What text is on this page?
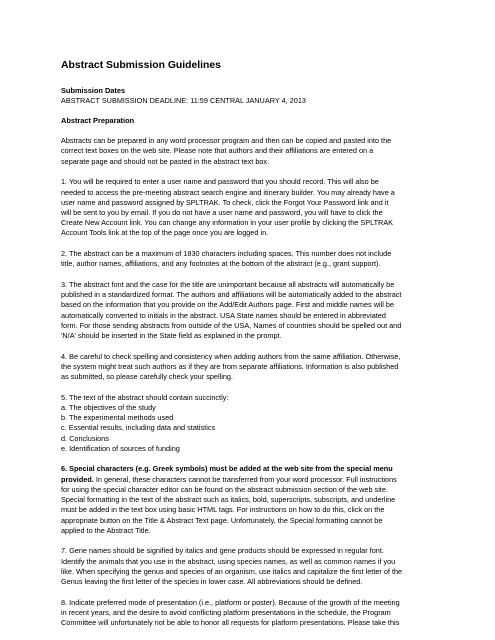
Abstract Submission Guidelines
Submission Dates
ABSTRACT SUBMISSION DEADLINE: 11:59 CENTRAL JANUARY 4, 2013
Abstract Preparation
Abstracts can be prepared in any word processor program and then can be copied and pasted into the
correct text boxes on the web site. Please note that authors and their affiliations are entered on a
separate page and should not be pasted in the abstract text box.
1. You will be required to enter a user name and password that you should record. This will also be
needed to access the pre-meeting abstract search engine and itinerary builder. You may already have a
user name and password assigned by SPLTRAK. To check, click the Forgot Your Password link and it
will be sent to you by email. If you do not have a user name and password, you will have to click the
Create New Account link. You can change any information in your user profile by clicking the SPLTRAK
Account Tools link at the top of the page once you are logged in.
2. The abstract can be a maximum of 1830 characters including spaces. This number does not include
title, author names, affiliations, and any footnotes at the bottom of the abstract (e.g., grant support).
3. The abstract font and the case for the title are unimportant because all abstracts will automatically be
published in a standardized format. The authors and affiliations will be automatically added to the abstract
based on the information that you provide on the Add/Edit Authors page. First and middle names will be
automatically converted to initials in the abstract. USA State names should be entered in abbreviated
form. For those sending abstracts from outside of the USA, Names of countries should be spelled out and
'N/A' should be inserted in the State field as explained in the prompt.
4. Be careful to check spelling and consistency when adding authors from the same affiliation. Otherwise,
the system might treat such authors as if they are from separate affiliations. Information is also published
as submitted, so please carefully check your spelling.
5. The text of the abstract should contain succinctly:
a. The objectives of the study
b. The experimental methods used
c. Essential results, including data and statistics
d. Conclusions
e. Identification of sources of funding
6. Special characters (e.g. Greek symbols) must be added at the web site from the special menu
provided. In general, these characters cannot be transferred from your word processor. Full instructions
for using the special character editor can be found on the abstract submission section of the web site.
Special formatting in the text of the abstract such as italics, bold, superscripts, subscripts, and underline
must be added in the text box using basic HTML tags. For instructions on how to do this, click on the
appropriate button on the Title & Abstract Text page. Unfortunately, the Special formatting cannot be
applied to the Abstract Title.
7. Gene names should be signified by italics and gene products should be expressed in regular font.
Identify the animals that you use in the abstract, using species names, as well as common names if you
like. When specifying the genus and species of an organism, use italics and capitalize the first letter of the
Genus leaving the first letter of the species in lower case. All abbreviations should be defined.
8. Indicate preferred mode of presentation (i.e., platform or poster). Because of the growth of the meeting
in recent years, and the desire to avoid conflicting platform presentations in the schedule, the Program
Committee will unfortunately not be able to honor all requests for platform presentations. Please take this
